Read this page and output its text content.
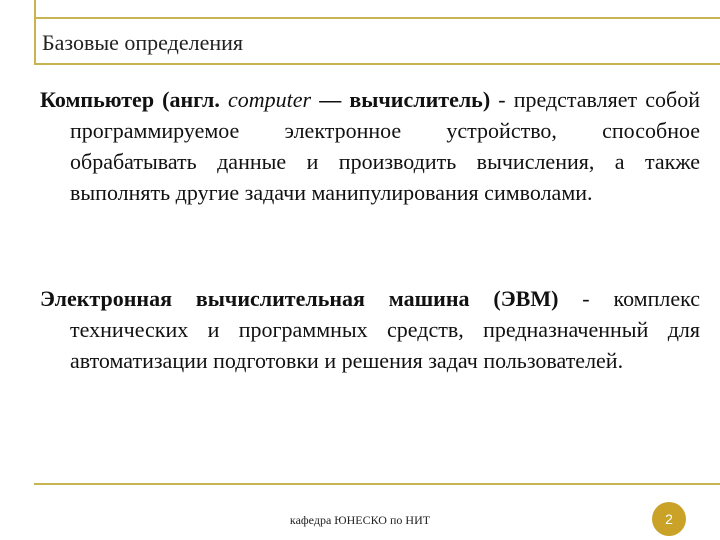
Базовые определения
Компьютер (англ. computer — вычислитель) - представляет собой программируемое электронное устройство, способное обрабатывать данные и производить вычисления, а также выполнять другие задачи манипулирования символами.
Электронная вычислительная машина (ЭВМ) - комплекс технических и программных средств, предназначенный для автоматизации подготовки и решения задач пользователей.
кафедра ЮНЕСКО по НИТ	2
